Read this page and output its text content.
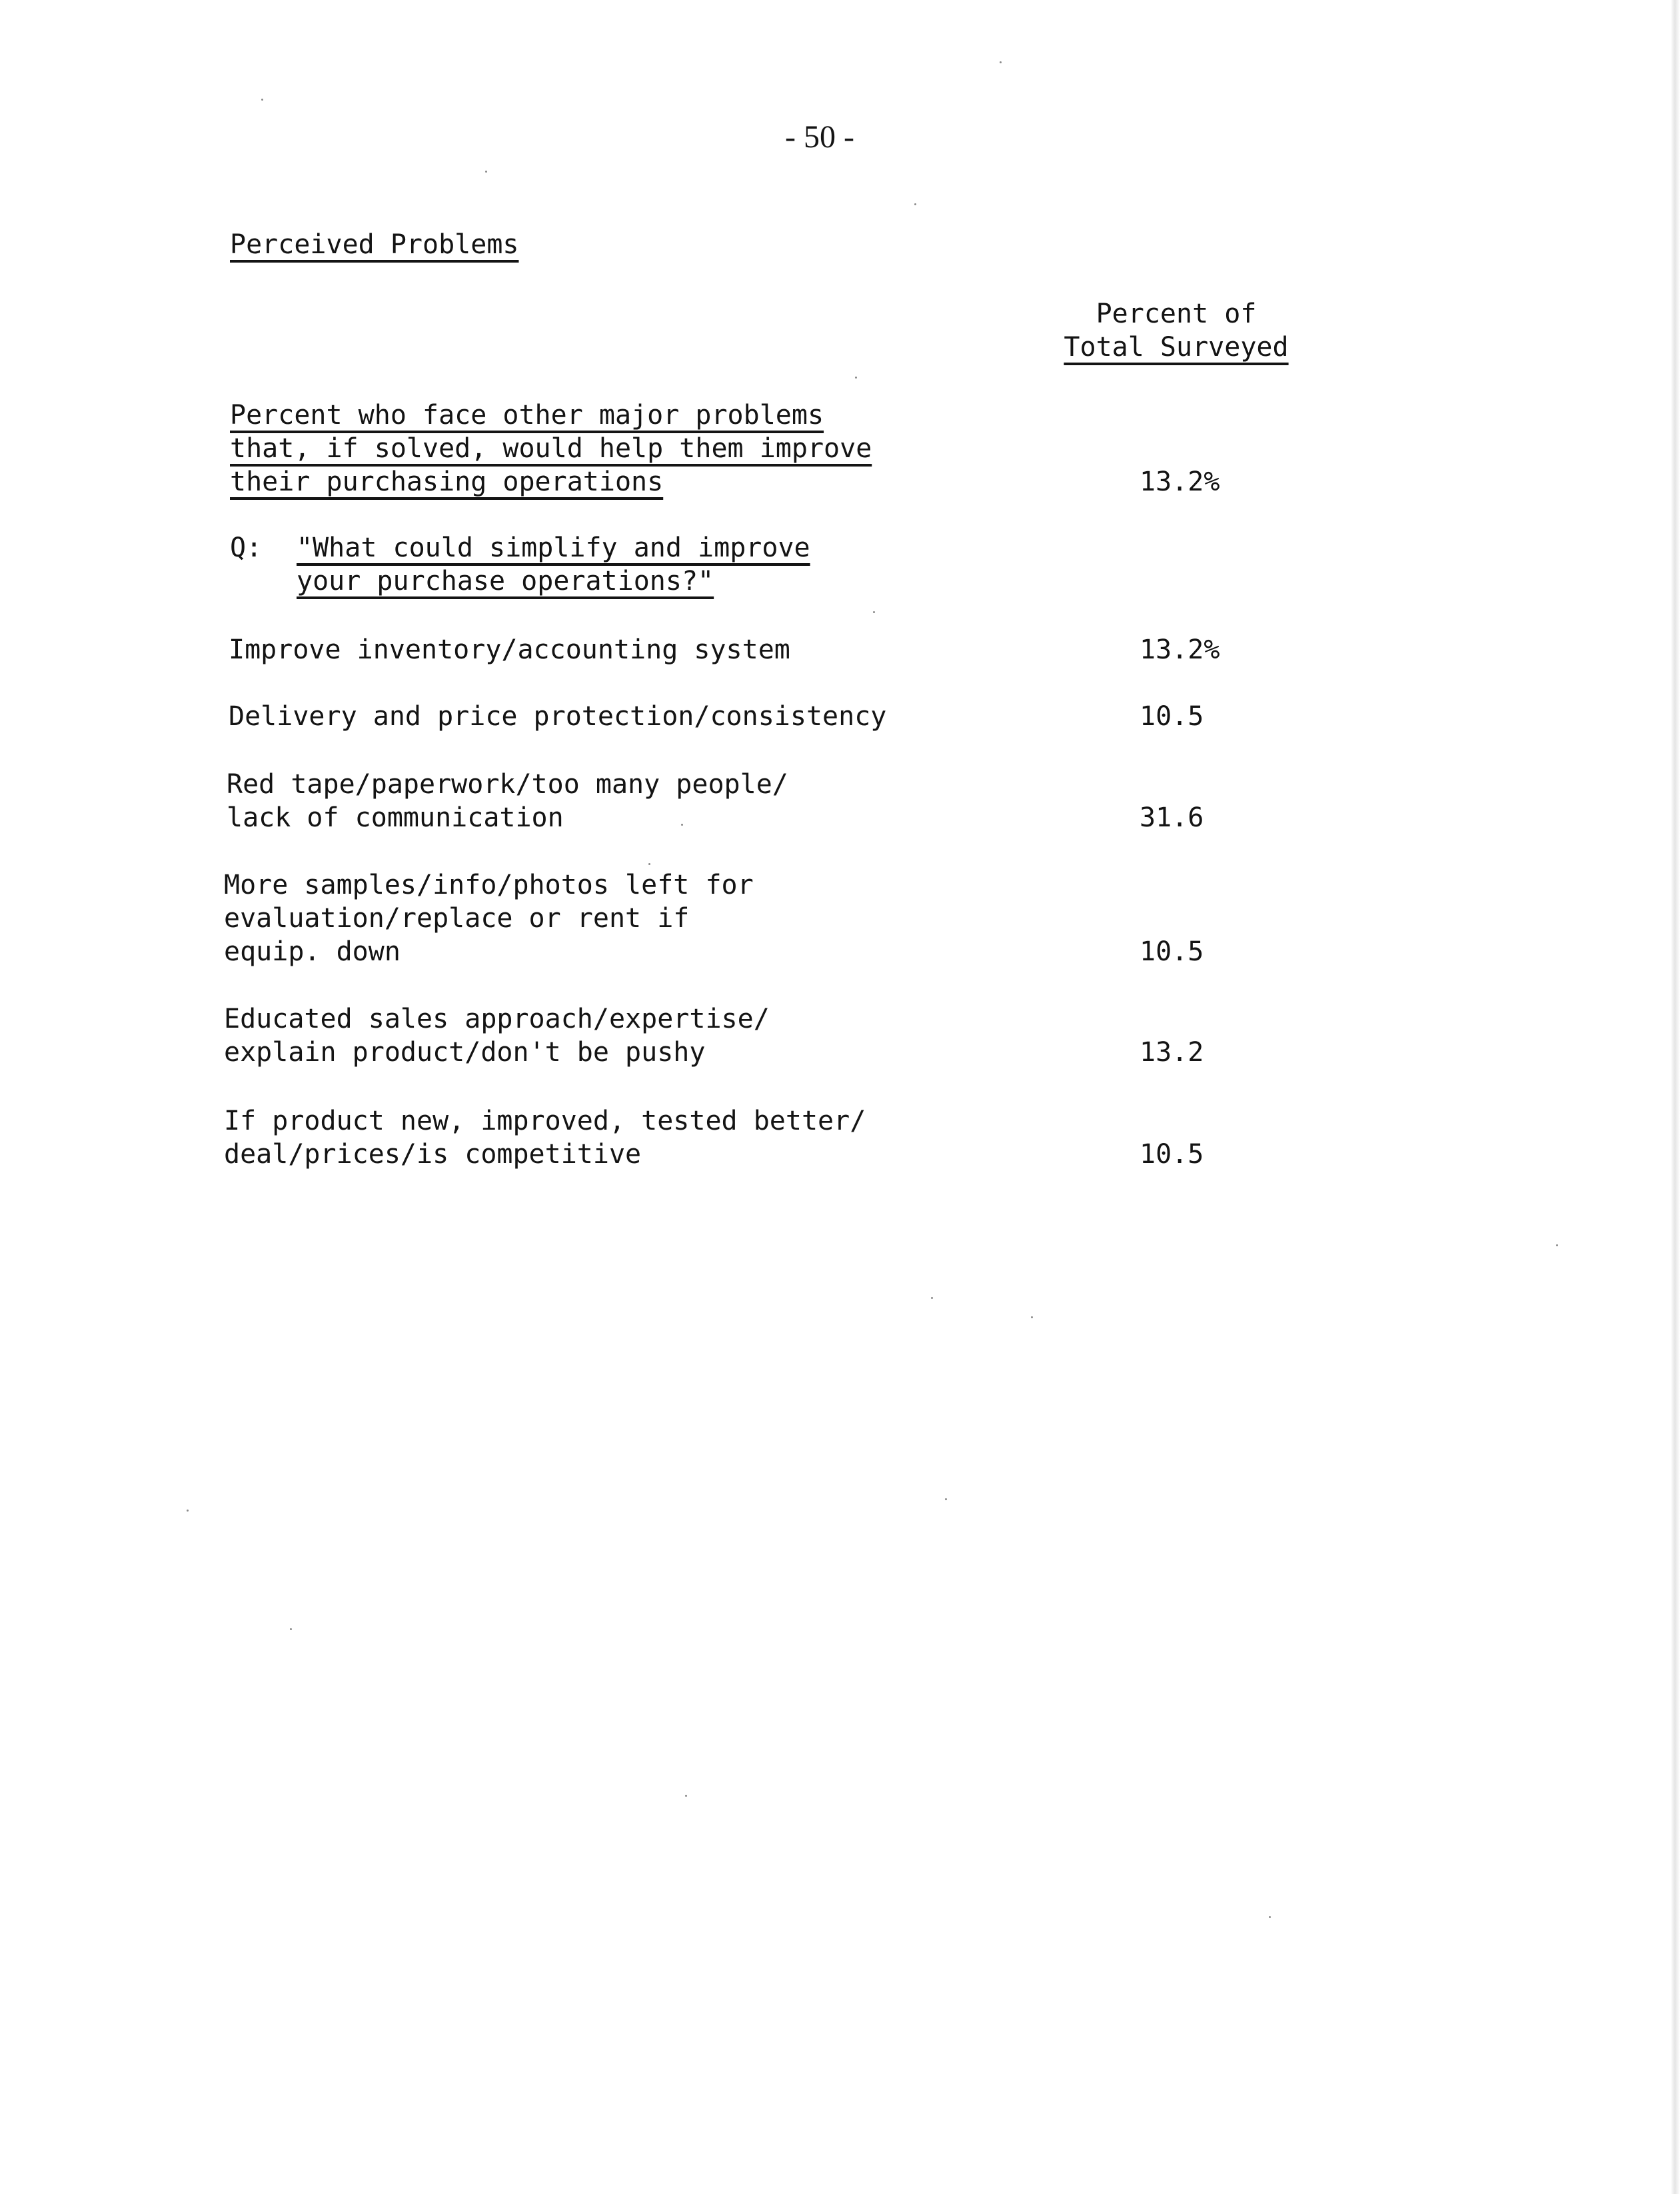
- 50 -
Perceived Problems
Percent of
Total Surveyed
Percent who face other major problems
that, if solved, would help them improve
their purchasing operations	13.2%
Q: "What could simplify and improve
your purchase operations?"
Improve inventory/accounting system	13.2%
Delivery and price protection/consistency	10.5
Red tape/paperwork/too many people/
lack of communication	31.6
More samples/info/photos left for
evaluation/replace or rent if
equip. down	10.5
Educated sales approach/expertise/
explain product/don't be pushy	13.2
If product new, improved, tested better/
deal/prices/is competitive	10.5
